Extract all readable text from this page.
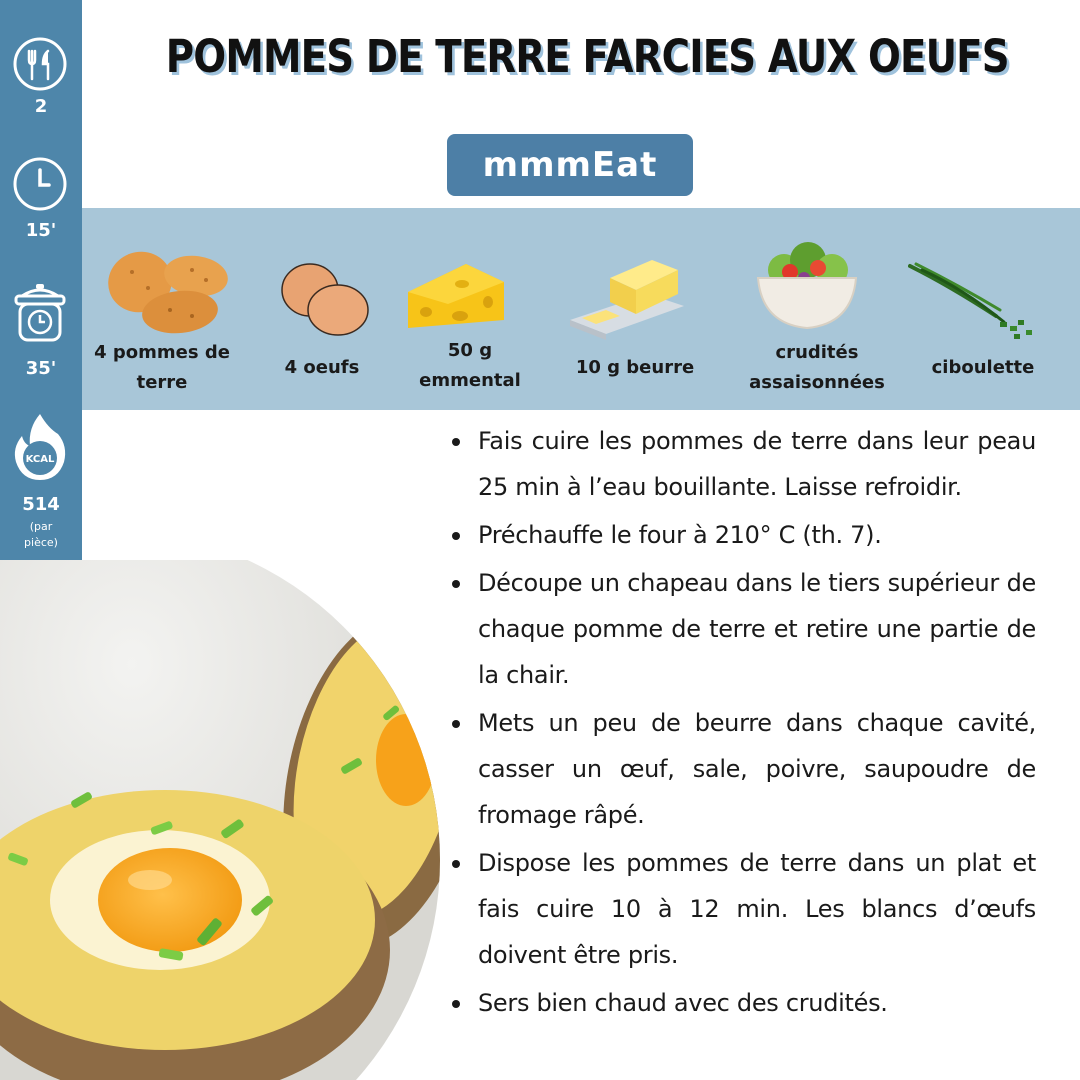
2
15'
35'
KCAL
514
(par
pièce)
POMMES DE TERRE FARCIES AUX OEUFS
mmmEat
4 pommes de
terre
4 oeufs
50 g
emmental
10 g beurre
crudités
assaisonnées
ciboulette
Fais cuire les pommes de terre dans leur peau 25 min à l’eau bouillante. Laisse refroidir.
Préchauffe le four à 210° C (th. 7).
Découpe un chapeau dans le tiers supérieur de chaque pomme de terre et retire une partie de la chair.
Mets un peu de beurre dans chaque cavité, casser un œuf, sale, poivre, saupoudre de fromage râpé.
Dispose les pommes de terre dans un plat et fais cuire 10 à 12 min. Les blancs d’œufs doivent être pris.
Sers bien chaud avec des crudités.
